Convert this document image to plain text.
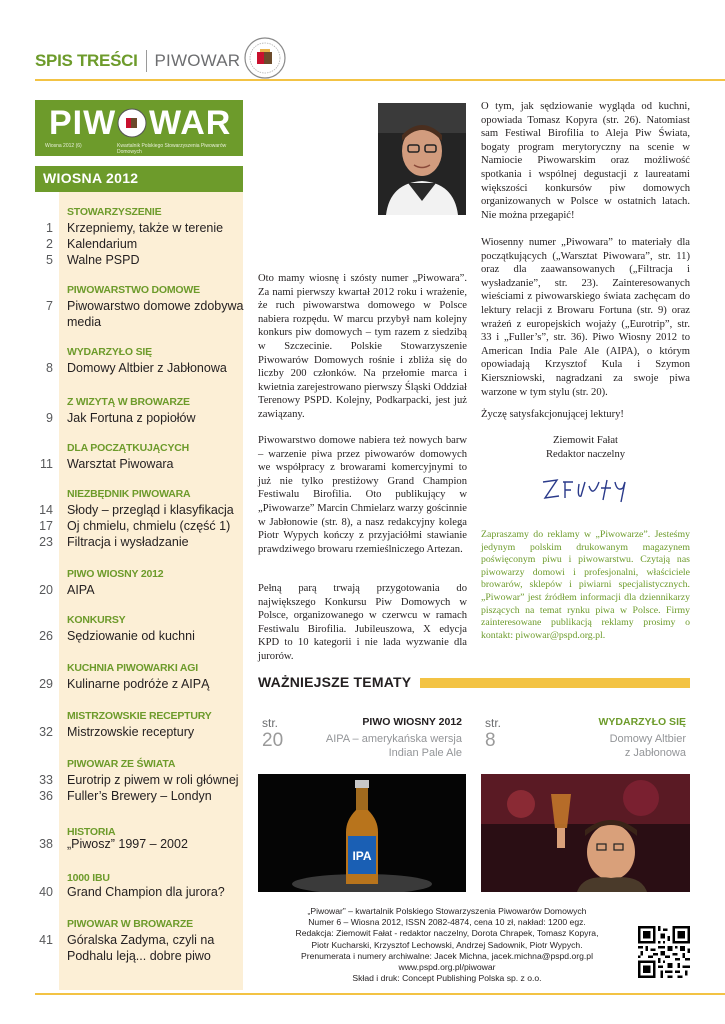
SPIS TREŚCI PIWOWAR
PIW WAR
Wiosna 2012 (6)	Kwartalnik Polskiego Stowarzyszenia Piwowarów Domowych
WIOSNA 2012
STOWARZYSZENIE
1 Krzepniemy, także w terenie
2 Kalendarium
5 Walne PSPD
PIWOWARSTWO DOMOWE
7 Piwowarstwo domowe zdobywa media
WYDARZYŁO SIĘ
8 Domowy Altbier z Jabłonowa
Z WIZYTĄ W BROWARZE
9 Jak Fortuna z popiołów
DLA POCZĄTKUJĄCYCH
11 Warsztat Piwowara
NIEZBĘDNIK PIWOWARA
14 Słody – przegląd i klasyfikacja
17 Oj chmielu, chmielu (część 1)
23 Filtracja i wysładzanie
PIWO WIOSNY 2012
20 AIPA
KONKURSY
26 Sędziowanie od kuchni
KUCHNIA PIWOWARKI AGI
29 Kulinarne podróże z AIPĄ
MISTRZOWSKIE RECEPTURY
32 Mistrzowskie receptury
PIWOWAR ZE ŚWIATA
33 Eurotrip z piwem w roli głównej
36 Fuller’s Brewery – Londyn
HISTORIA
38 „Piwosz” 1997 – 2002
1000 IBU
40 Grand Champion dla jurora?
PIWOWAR W BROWARZE
41 Góralska Zadyma, czyli na Podhalu leją... dobre piwo
Oto mamy wiosnę i szósty numer „Piwowara”. Za nami pierwszy kwartał 2012 roku i wrażenie, że ruch piwowarstwa domowego w Polsce nabiera rozpędu. W marcu przybył nam kolejny konkurs piw domowych – tym razem z siedzibą w Szczecinie. Polskie Stowarzyszenie Piwowarów Domowych rośnie i zbliża się do liczby 200 członków. Na przełomie marca i kwietnia zarejestrowano pierwszy Śląski Oddział Terenowy PSPD. Kolejny, Podkarpacki, jest już zawiązany.
Piwowarstwo domowe nabiera też nowych barw – warzenie piwa przez piwowarów domowych we współpracy z browarami komercyjnymi to już nie tylko prestiżowy Grand Champion Festiwalu Birofilia. Oto publikujący w „Piwowarze” Marcin Chmielarz warzy gościnnie w Jabłonowie (str. 8), a nasz redakcyjny kolega Piotr Wypych kończy z przyjaciółmi stawianie prawdziwego browaru rzemieślniczego Artezan.
Pełną parą trwają przygotowania do największego Konkursu Piw Domowych w Polsce, organizowanego w czerwcu w ramach Festiwalu Birofilia. Jubileuszowa, X edycja KPD to 10 kategorii i nie lada wyzwanie dla jurorów.
O tym, jak sędziowanie wygląda od kuchni, opowiada Tomasz Kopyra (str. 26). Natomiast sam Festiwal Birofilia to Aleja Piw Świata, bogaty program merytoryczny na scenie w Namiocie Piwowarskim oraz możliwość spotkania i wspólnej degustacji z laureatami większości konkursów piw domowych organizowanych w Polsce w ostatnich latach. Nie można przegapić!
Wiosenny numer „Piwowara” to materiały dla początkujących („Warsztat Piwowara”, str. 11) oraz dla zaawansowanych („Filtracja i wysładzanie”, str. 23). Zainteresowanych wieściami z piwowarskiego świata zachęcam do lektury relacji z Browaru Fortuna (str. 9) oraz wrażeń z europejskich wojaży („Eurotrip”, str. 33 i „Fuller’s”, str. 36). Piwo Wiosny 2012 to American India Pale Ale (AIPA), o którym opowiadają Krzysztof Kula i Szymon Kierszniowski, nagradzani za swoje piwa warzone w tym stylu (str. 20).
Życzę satysfakcjonującej lektury!
Ziemowit Fałat
Redaktor naczelny
Zapraszamy do reklamy w „Piwowarze”. Jesteśmy jedynym polskim drukowanym magazynem poświęconym piwu i piwowarstwu. Czytają nas piwowarzy domowi i profesjonalni, właściciele browarów, sklepów i piwiarni specjalistycznych. „Piwowar” jest źródłem informacji dla dziennikarzy piszących na temat rynku piwa w Polsce. Firmy zainteresowane publikacją reklamy prosimy o kontakt: piwowar@pspd.org.pl.
WAŻNIEJSZE TEMATY
str.
20
PIWO WIOSNY 2012
AIPA – amerykańska wersja
Indian Pale Ale
IPA
str.
8
WYDARZYŁO SIĘ
Domowy Altbier
z Jabłonowa
„Piwowar” – kwartalnik Polskiego Stowarzyszenia Piwowarów Domowych
Numer 6 – Wiosna 2012, ISSN 2082-4874, cena 10 zł, nakład: 1200 egz.
Redakcja: Ziemowit Fałat - redaktor naczelny, Dorota Chrapek, Tomasz Kopyra,
Piotr Kucharski, Krzysztof Lechowski, Andrzej Sadownik, Piotr Wypych.
Prenumerata i numery archiwalne: Jacek Michna, jacek.michna@pspd.org.pl
www.pspd.org.pl/piwowar
Skład i druk: Concept Publishing Polska sp. z o.o.
